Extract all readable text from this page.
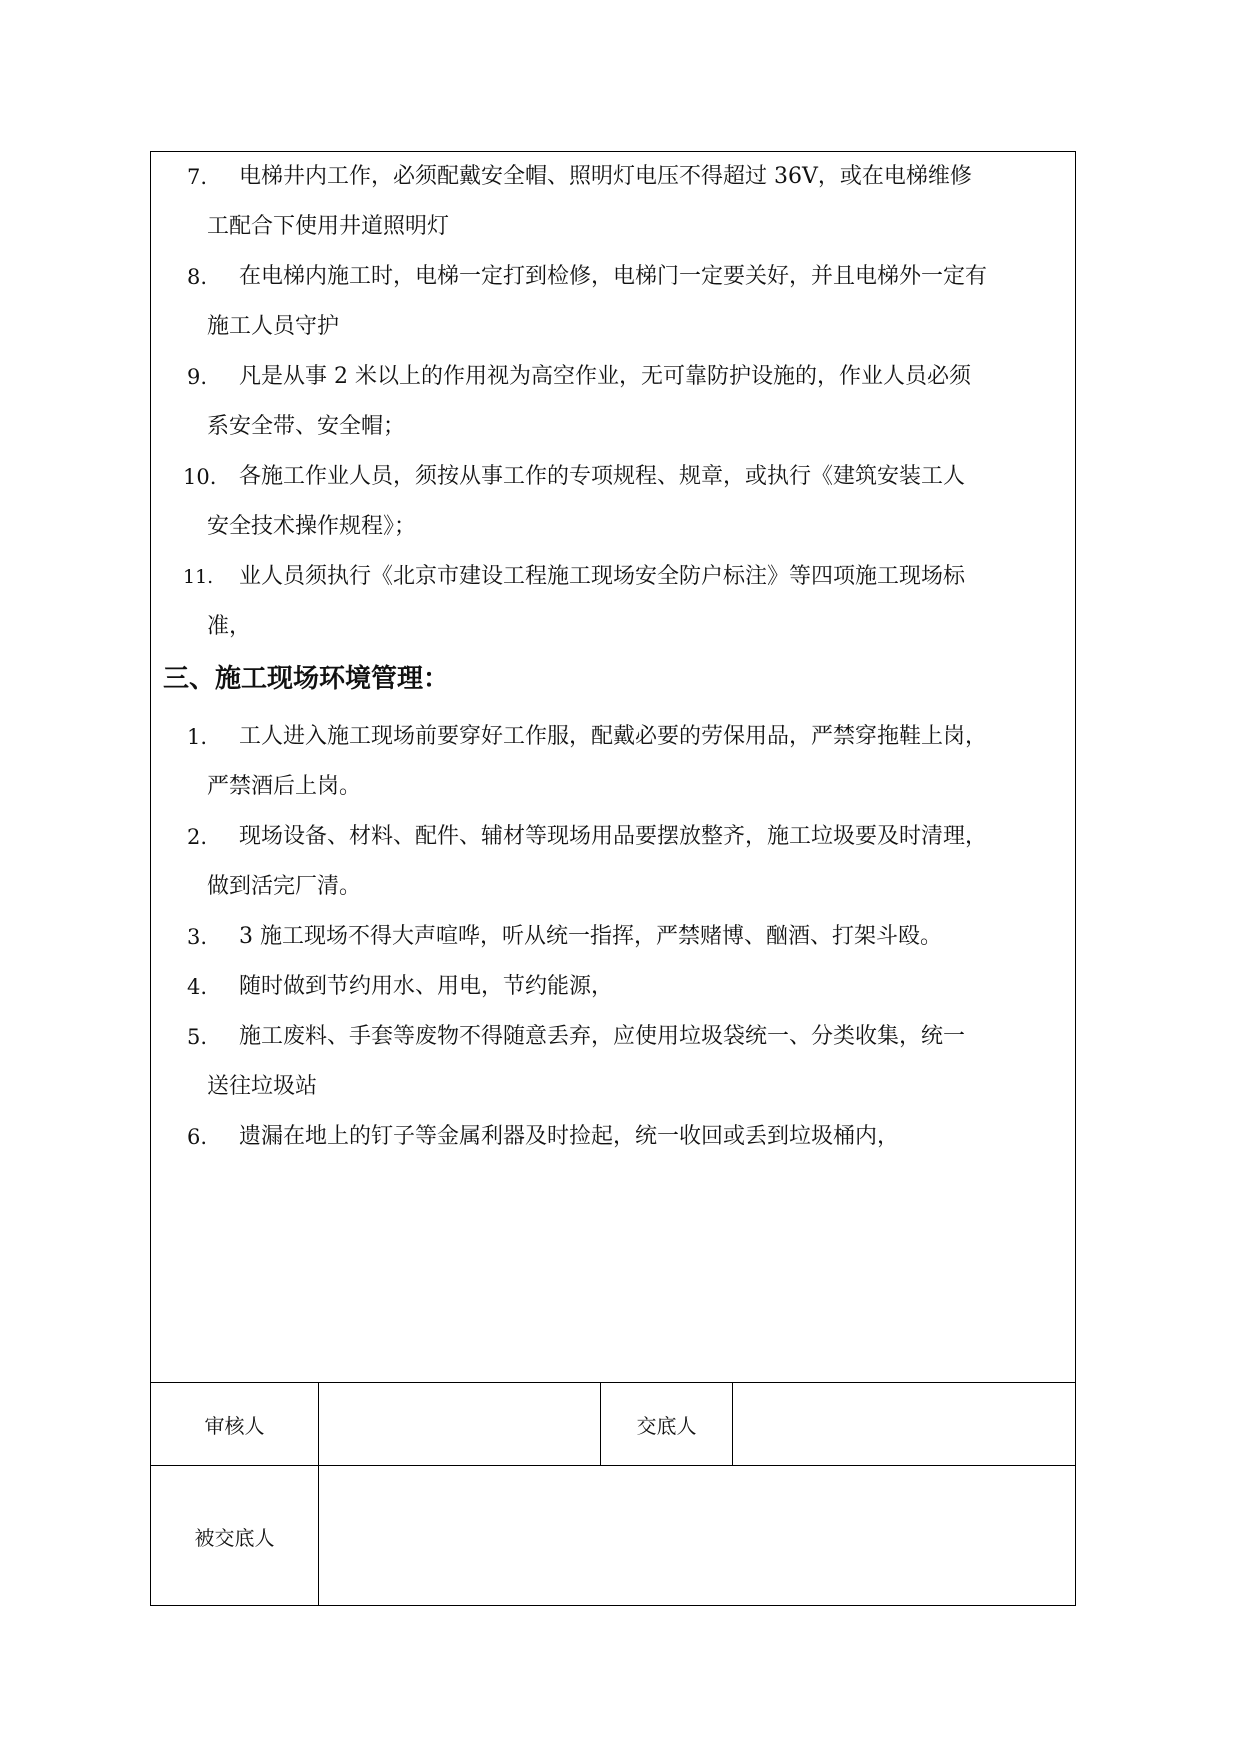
7. 电梯井内工作，必须配戴安全帽、照明灯电压不得超过 36V，或在电梯维修
工配合下使用井道照明灯
8. 在电梯内施工时，电梯一定打到检修，电梯门一定要关好，并且电梯外一定有
施工人员守护
9. 凡是从事 2 米以上的作用视为高空作业，无可靠防护设施的，作业人员必须
系安全带、安全帽；
10. 各施工作业人员，须按从事工作的专项规程、规章，或执行《建筑安装工人
安全技术操作规程》；
11. 业人员须执行《北京市建设工程施工现场安全防户标注》等四项施工现场标
准，
三、施工现场环境管理：
1. 工人进入施工现场前要穿好工作服，配戴必要的劳保用品，严禁穿拖鞋上岗，
严禁酒后上岗。
2. 现场设备、材料、配件、辅材等现场用品要摆放整齐，施工垃圾要及时清理，
做到活完厂清。
3. 3 施工现场不得大声喧哗，听从统一指挥，严禁赌博、酗酒、打架斗殴。
4. 随时做到节约用水、用电，节约能源，
5. 施工废料、手套等废物不得随意丢弃，应使用垃圾袋统一、分类收集，统一
送往垃圾站
6. 遗漏在地上的钉子等金属利器及时捡起，统一收回或丢到垃圾桶内，
审核人	交底人
被交底人
